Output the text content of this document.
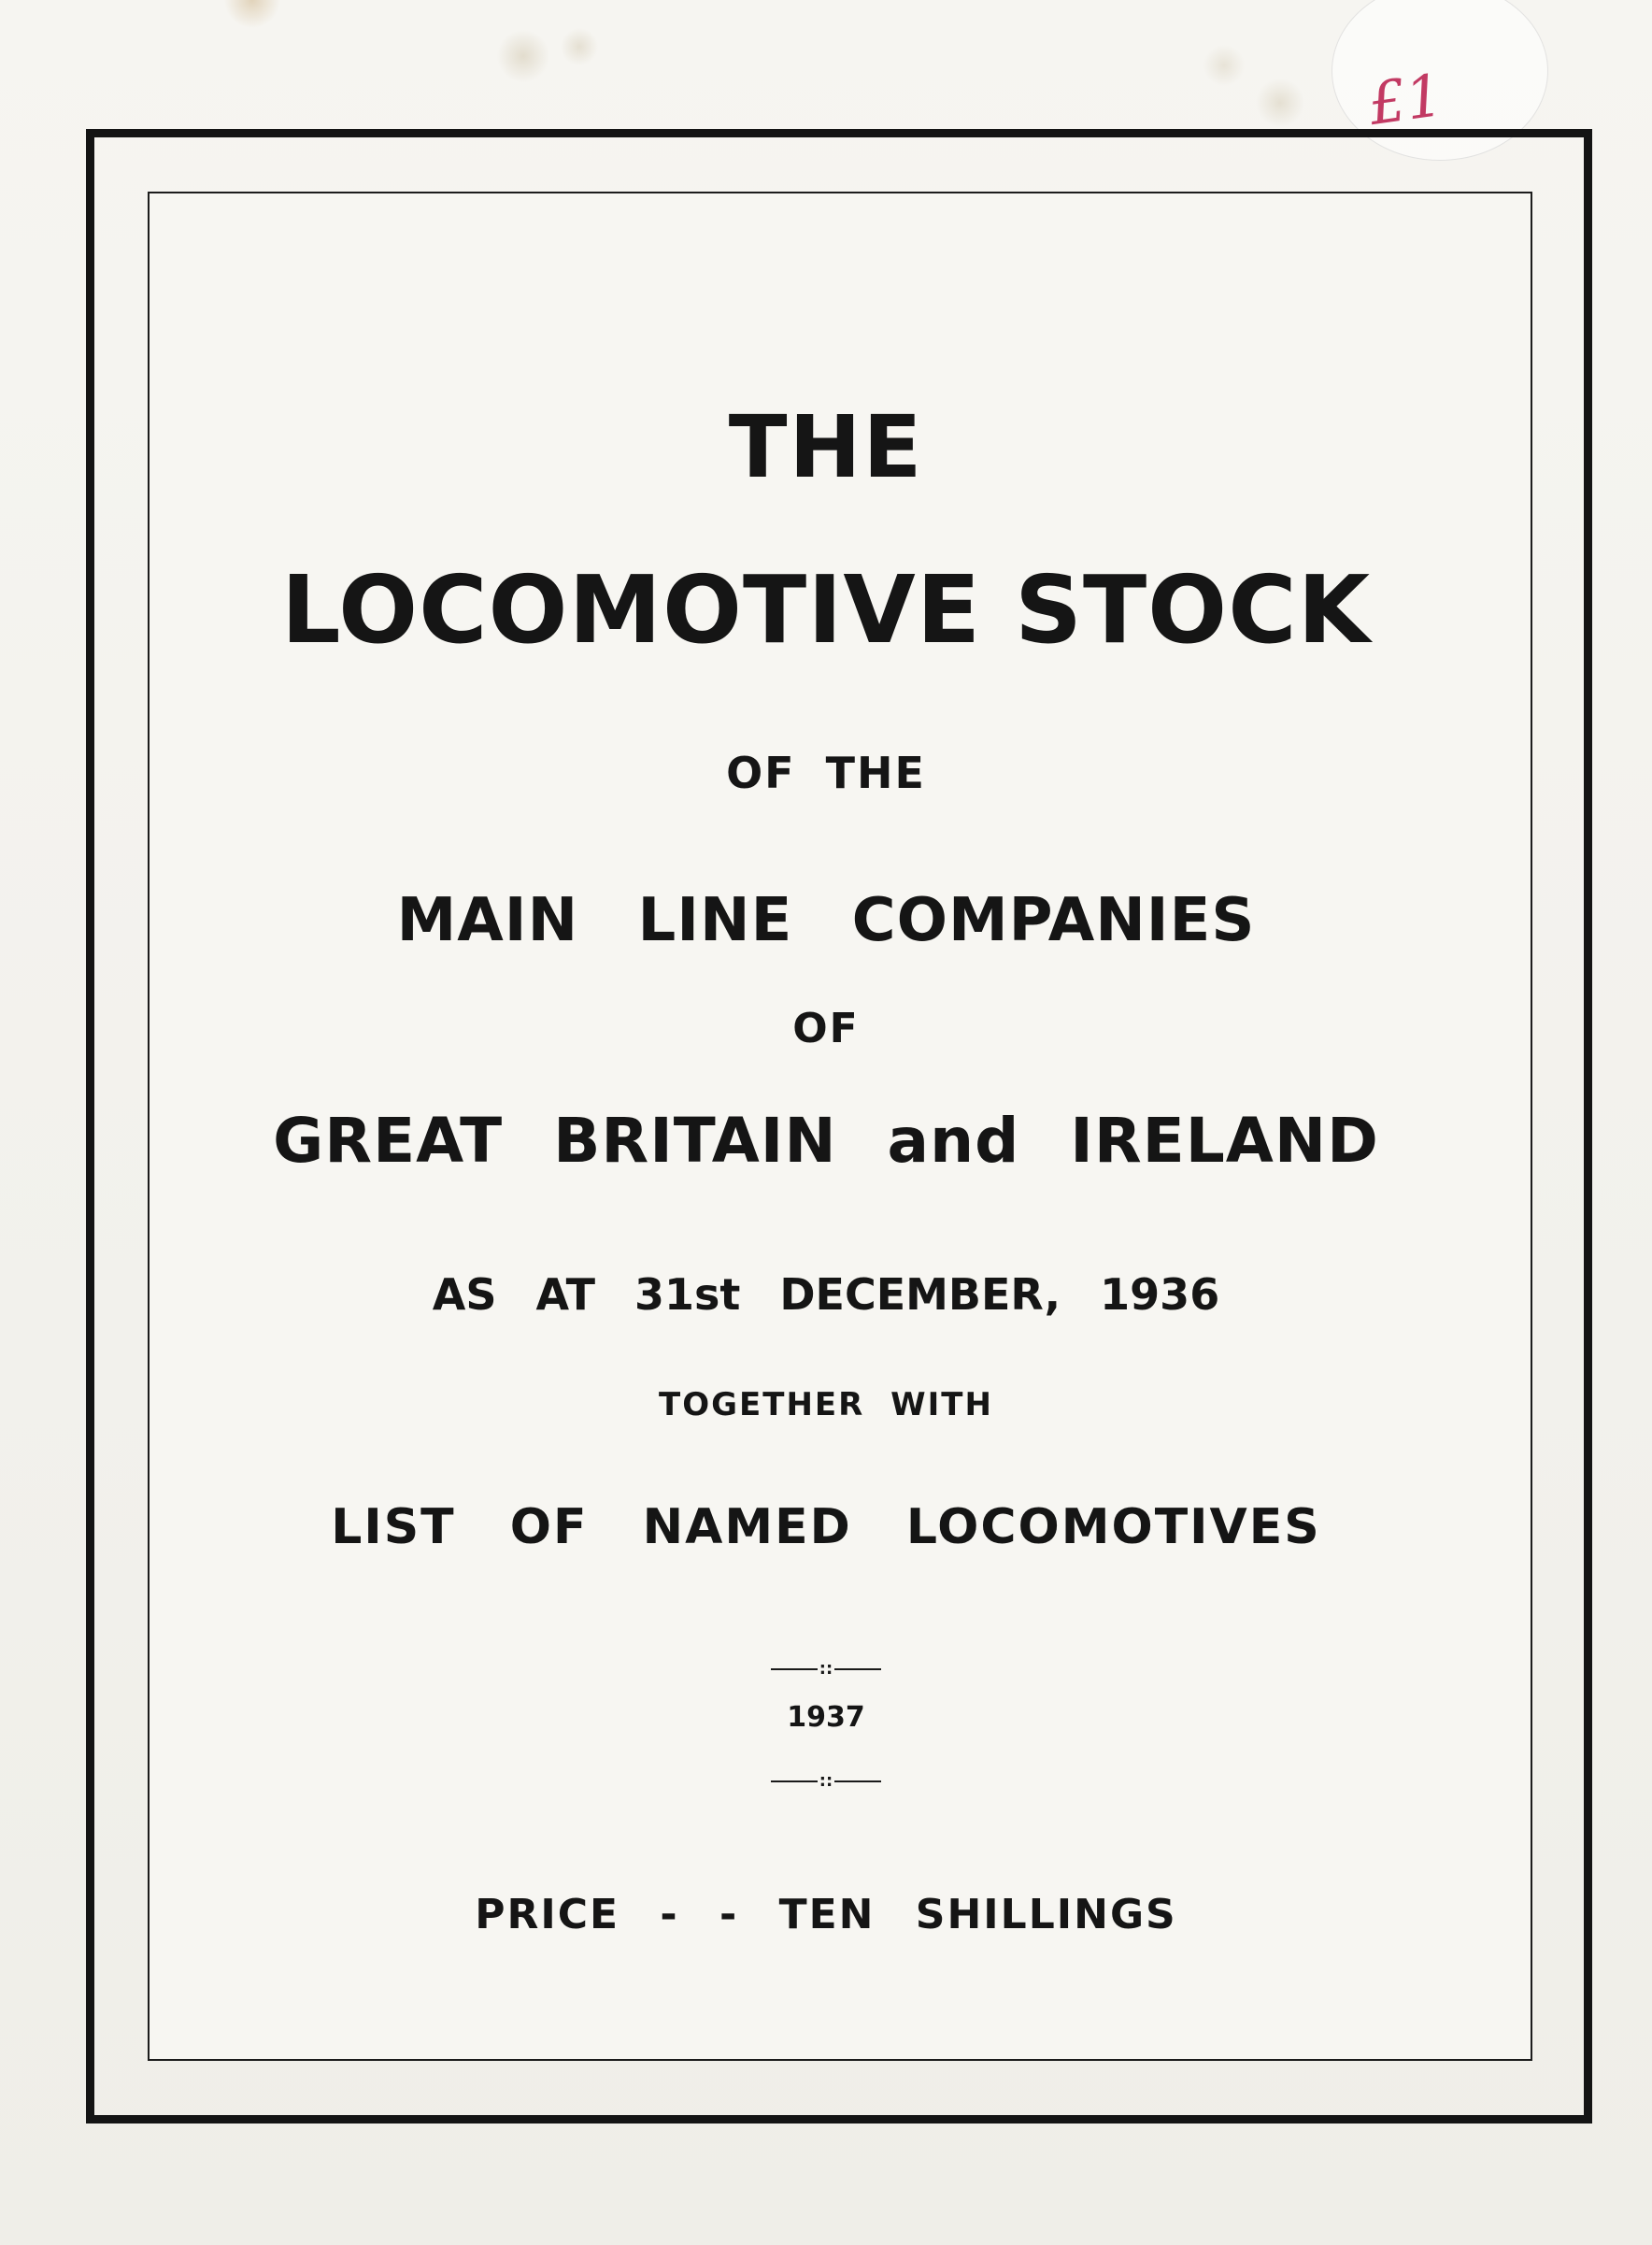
£1
THE
LOCOMOTIVE STOCK
OF THE
MAIN LINE COMPANIES
OF
GREAT BRITAIN and IRELAND
AS AT 31st DECEMBER, 1936
TOGETHER WITH
LIST OF NAMED LOCOMOTIVES
::
1937
::
PRICE - - TEN SHILLINGS
